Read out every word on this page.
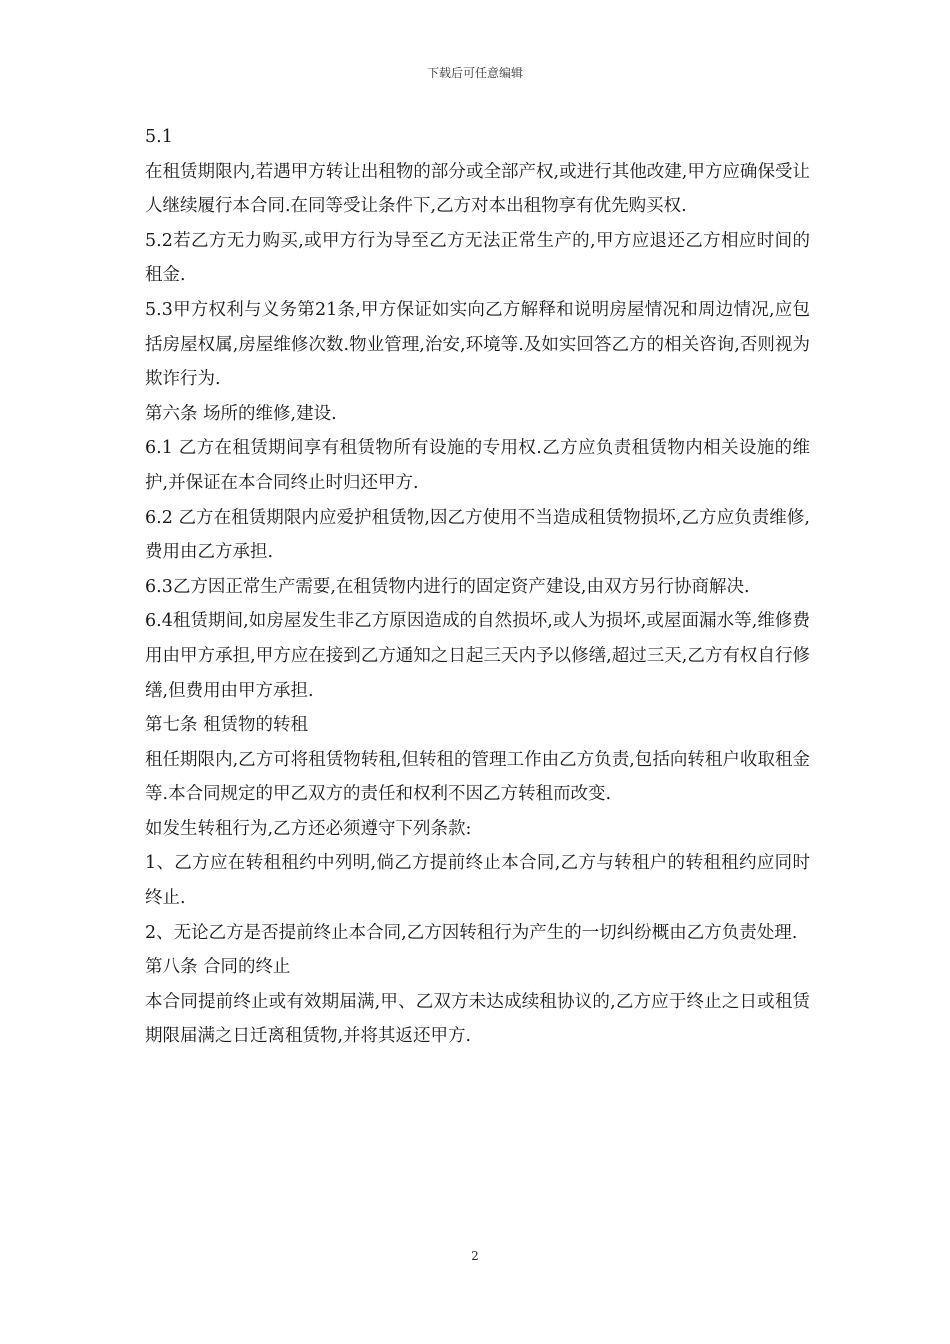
下载后可任意编辑

5.1

在租赁期限内,若遇甲方转让出租物的部分或全部产权,或进行其他改建,甲方应确保受让人继续履行本合同.在同等受让条件下,乙方对本出租物享有优先购买权.

5.2若乙方无力购买,或甲方行为导至乙方无法正常生产的,甲方应退还乙方相应时间的租金.

5.3甲方权利与义务第21条,甲方保证如实向乙方解释和说明房屋情况和周边情况,应包括房屋权属,房屋维修次数.物业管理,治安,环境等.及如实回答乙方的相关咨询,否则视为欺诈行为.

第六条 场所的维修,建设.

6.1 乙方在租赁期间享有租赁物所有设施的专用权.乙方应负责租赁物内相关设施的维护,并保证在本合同终止时归还甲方.

6.2 乙方在租赁期限内应爱护租赁物,因乙方使用不当造成租赁物损坏,乙方应负责维修,费用由乙方承担.

6.3乙方因正常生产需要,在租赁物内进行的固定资产建设,由双方另行协商解决.

6.4租赁期间,如房屋发生非乙方原因造成的自然损坏,或人为损坏,或屋面漏水等,维修费用由甲方承担,甲方应在接到乙方通知之日起三天内予以修缮,超过三天,乙方有权自行修缮,但费用由甲方承担.

第七条 租赁物的转租

租任期限内,乙方可将租赁物转租,但转租的管理工作由乙方负责,包括向转租户收取租金等.本合同规定的甲乙双方的责任和权利不因乙方转租而改变.

如发生转租行为,乙方还必须遵守下列条款:

1、乙方应在转租租约中列明,倘乙方提前终止本合同,乙方与转租户的转租租约应同时终止.

2、无论乙方是否提前终止本合同,乙方因转租行为产生的一切纠纷概由乙方负责处理.

第八条 合同的终止

本合同提前终止或有效期届满,甲、乙双方未达成续租协议的,乙方应于终止之日或租赁期限届满之日迁离租赁物,并将其返还甲方.

2
